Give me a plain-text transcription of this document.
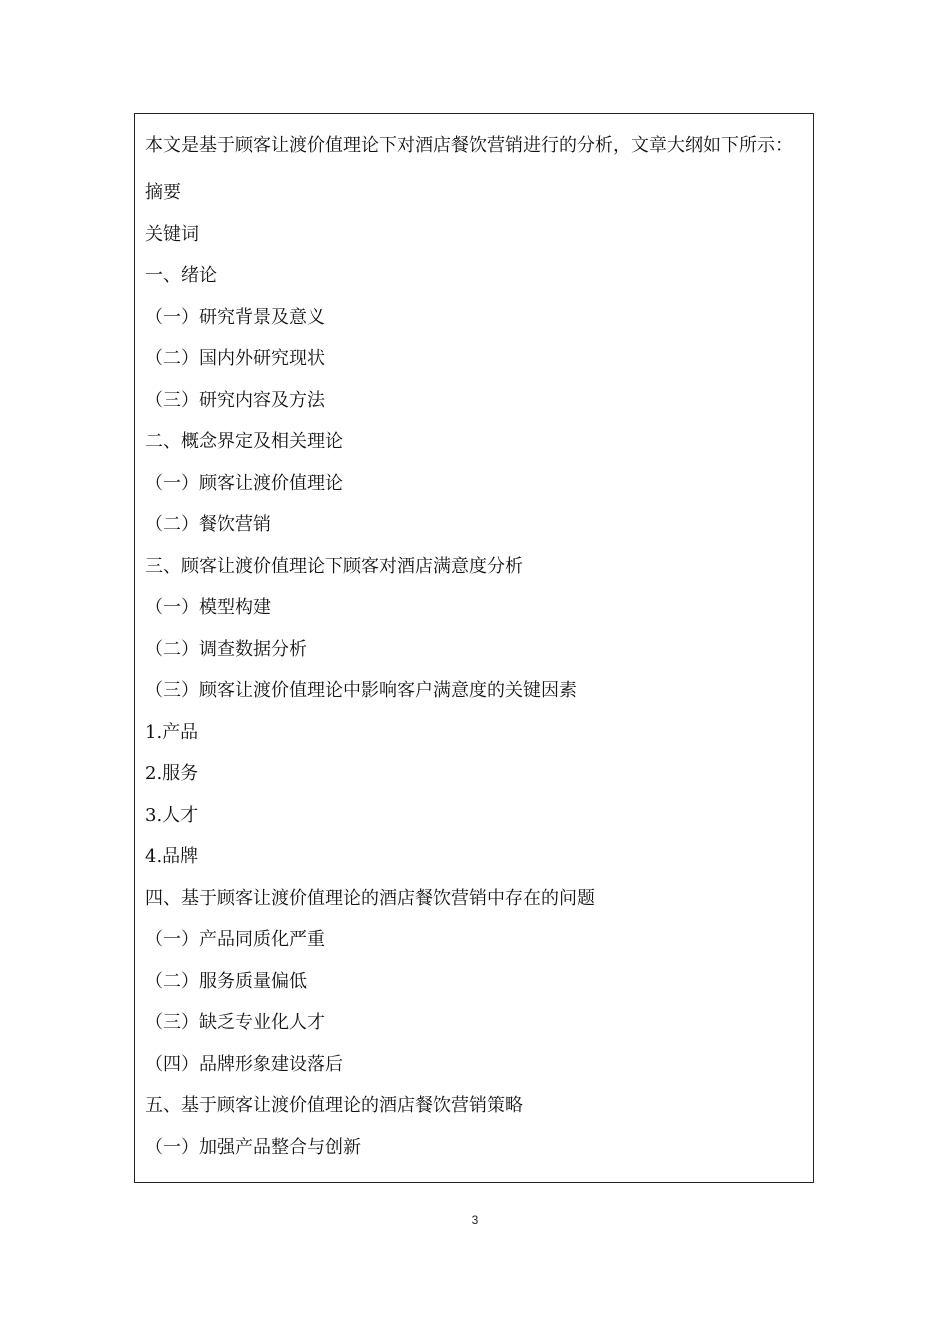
本文是基于顾客让渡价值理论下对酒店餐饮营销进行的分析，文章大纲如下所示：

摘要
关键词
一、绪论
（一）研究背景及意义
（二）国内外研究现状
（三）研究内容及方法
二、概念界定及相关理论
（一）顾客让渡价值理论
（二）餐饮营销
三、顾客让渡价值理论下顾客对酒店满意度分析
（一）模型构建
（二）调查数据分析
（三）顾客让渡价值理论中影响客户满意度的关键因素
1.产品
2.服务
3.人才
4.品牌
四、基于顾客让渡价值理论的酒店餐饮营销中存在的问题
（一）产品同质化严重
（二）服务质量偏低
（三）缺乏专业化人才
（四）品牌形象建设落后
五、基于顾客让渡价值理论的酒店餐饮营销策略
（一）加强产品整合与创新
3
